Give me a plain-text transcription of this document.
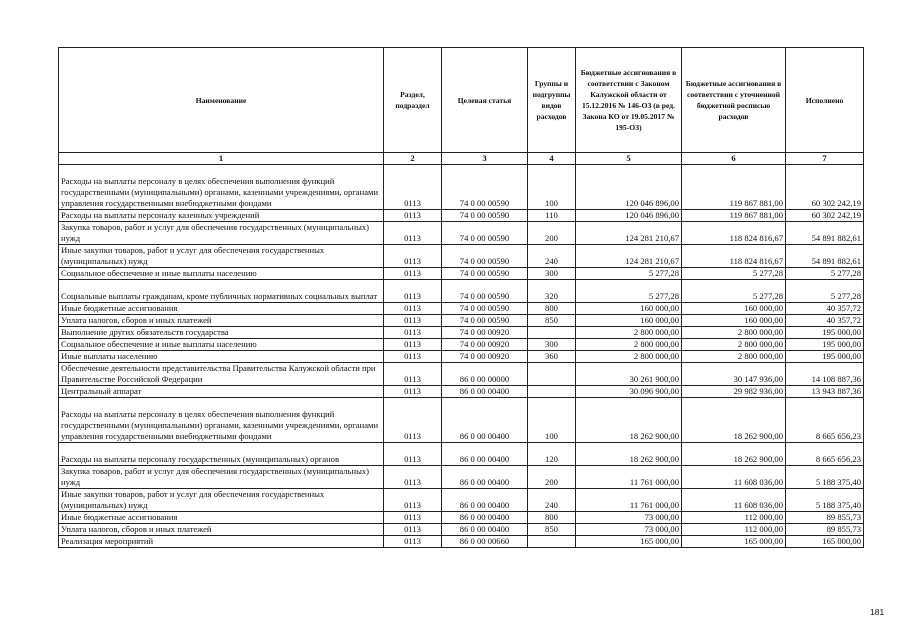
Наименование	Раздел, подраздел	Целевая статья	Группы и подгруппы видов расходов	Бюджетные ассигнования в соответствии с Законом Калужской области от 15.12.2016 № 146-ОЗ (в ред. Закона КО от 19.05.2017 № 195-ОЗ)	Бюджетные ассигнования в соответствии с уточненной бюджетной росписью расходов	Исполнено
1	2	3	4	5	6	7
Расходы на выплаты персоналу в целях обеспечения выполнения функций государственными (муниципальными) органами, казенными учреждениями, органами управления государственными внебюджетными фондами	0113	74 0 00 00590	100	120 046 896,00	119 867 881,00	60 302 242,19
Расходы на выплаты персоналу казенных учреждений	0113	74 0 00 00590	110	120 046 896,00	119 867 881,00	60 302 242,19
Закупка товаров, работ и услуг для обеспечения государственных (муниципальных) нужд	0113	74 0 00 00590	200	124 281 210,67	118 824 816,67	54 891 882,61
Иные закупки товаров, работ и услуг для обеспечения государственных (муниципальных) нужд	0113	74 0 00 00590	240	124 281 210,67	118 824 816,67	54 891 882,61
Социальное обеспечение и иные выплаты населению	0113	74 0 00 00590	300	5 277,28	5 277,28	5 277,28
Социальные выплаты гражданам, кроме публичных нормативных социальных выплат	0113	74 0 00 00590	320	5 277,28	5 277,28	5 277,28
Иные бюджетные ассигнования	0113	74 0 00 00590	800	160 000,00	160 000,00	40 357,72
Уплата налогов, сборов и иных платежей	0113	74 0 00 00590	850	160 000,00	160 000,00	40 357,72
Выполнение других обязательств государства	0113	74 0 00 00920		2 800 000,00	2 800 000,00	195 000,00
Социальное обеспечение и иные выплаты населению	0113	74 0 00 00920	300	2 800 000,00	2 800 000,00	195 000,00
Иные выплаты населению	0113	74 0 00 00920	360	2 800 000,00	2 800 000,00	195 000,00
Обеспечение деятельности представительства Правительства Калужской области при Правительстве Российской Федерации	0113	86 0 00 00000		30 261 900,00	30 147 936,00	14 108 887,36
Центральный аппарат	0113	86 0 00 00400		30 096 900,00	29 982 936,00	13 943 887,36
Расходы на выплаты персоналу в целях обеспечения выполнения функций государственными (муниципальными) органами, казенными учреждениями, органами управления государственными внебюджетными фондами	0113	86 0 00 00400	100	18 262 900,00	18 262 900,00	8 665 656,23
Расходы на выплаты персоналу государственных (муниципальных) органов	0113	86 0 00 00400	120	18 262 900,00	18 262 900,00	8 665 656,23
Закупка товаров, работ и услуг для обеспечения государственных (муниципальных) нужд	0113	86 0 00 00400	200	11 761 000,00	11 608 036,00	5 188 375,40
Иные закупки товаров, работ и услуг для обеспечения государственных (муниципальных) нужд	0113	86 0 00 00400	240	11 761 000,00	11 608 036,00	5 188 375,40
Иные бюджетные ассигнования	0113	86 0 00 00400	800	73 000,00	112 000,00	89 855,73
Уплата налогов, сборов и иных платежей	0113	86 0 00 00400	850	73 000,00	112 000,00	89 855,73
Реализация мероприятий	0113	86 0 00 00660		165 000,00	165 000,00	165 000,00
181
